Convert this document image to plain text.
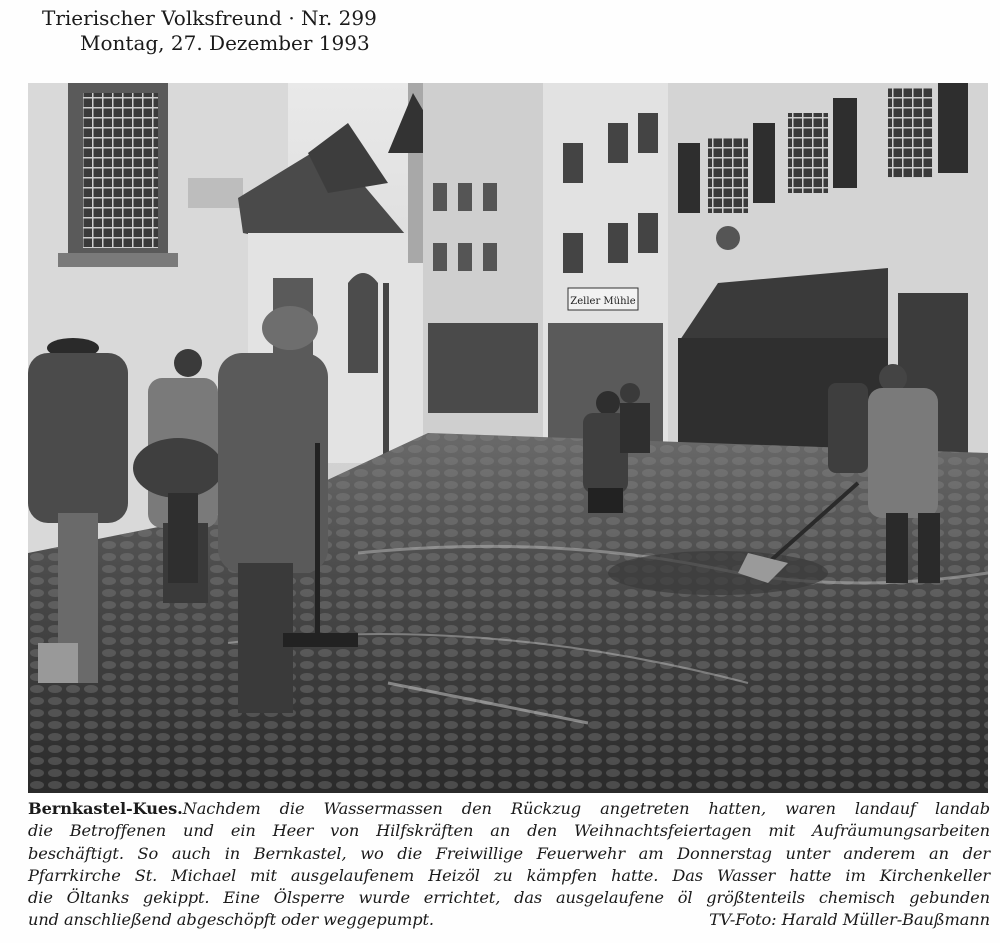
Trierischer Volksfreund · Nr. 299
Montag, 27. Dezember 1993
Zeller Mühle
Bernkastel-Kues.Nachdem die Wassermassen den Rückzug angetreten hatten, waren landauf landab
die Betroffenen und ein Heer von Hilfskräften an den Weihnachtsfeiertagen mit Aufräumungsarbeiten
beschäftigt. So auch in Bernkastel, wo die Freiwillige Feuerwehr am Donnerstag unter anderem an der
Pfarrkirche St. Michael mit ausgelaufenem Heizöl zu kämpfen hatte. Das Wasser hatte im Kirchenkeller
die Öltanks gekippt. Eine Ölsperre wurde errichtet, das ausgelaufene öl größtenteils chemisch gebunden
und anschließend abgeschöpft oder weggepumpt.	TV-Foto: Harald Müller-Baußmann
